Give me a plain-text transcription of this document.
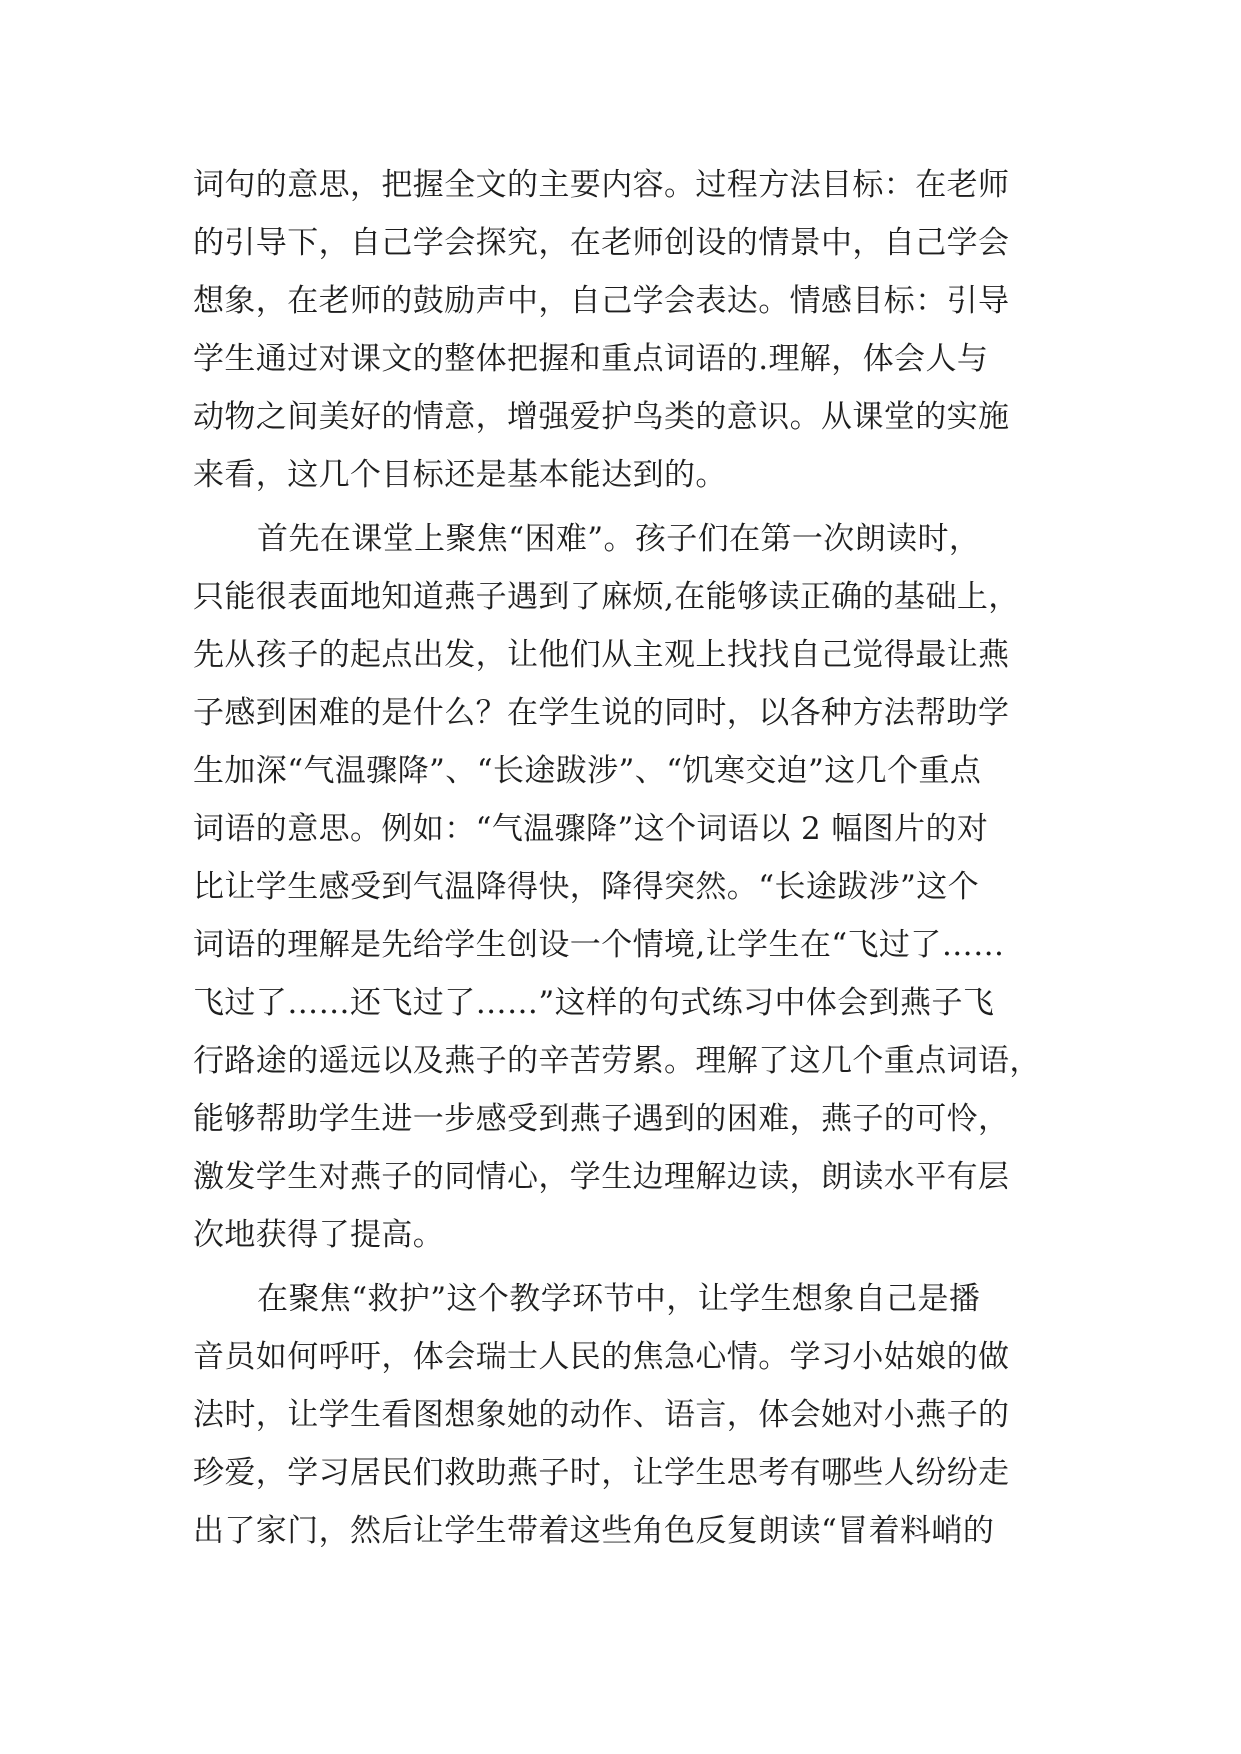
词句的意思，把握全文的主要内容。过程方法目标：在老师
的引导下，自己学会探究，在老师创设的情景中，自己学会
想象，在老师的鼓励声中，自己学会表达。情感目标：引导
学生通过对课文的整体把握和重点词语的.理解，体会人与
动物之间美好的情意，增强爱护鸟类的意识。从课堂的实施
来看，这几个目标还是基本能达到的。
首先在课堂上聚焦“困难”。孩子们在第一次朗读时，
只能很表面地知道燕子遇到了麻烦,在能够读正确的基础上，
先从孩子的起点出发，让他们从主观上找找自己觉得最让燕
子感到困难的是什么？在学生说的同时，以各种方法帮助学
生加深“气温骤降”、“长途跋涉”、“饥寒交迫”这几个重点
词语的意思。例如：“气温骤降”这个词语以 2 幅图片的对
比让学生感受到气温降得快，降得突然。“长途跋涉”这个
词语的理解是先给学生创设一个情境,让学生在“飞过了……
飞过了……还飞过了……”这样的句式练习中体会到燕子飞
行路途的遥远以及燕子的辛苦劳累。理解了这几个重点词语，
能够帮助学生进一步感受到燕子遇到的困难，燕子的可怜，
激发学生对燕子的同情心，学生边理解边读，朗读水平有层
次地获得了提高。
在聚焦“救护”这个教学环节中，让学生想象自己是播
音员如何呼吁，体会瑞士人民的焦急心情。学习小姑娘的做
法时，让学生看图想象她的动作、语言，体会她对小燕子的
珍爱，学习居民们救助燕子时，让学生思考有哪些人纷纷走
出了家门，然后让学生带着这些角色反复朗读“冒着料峭的
